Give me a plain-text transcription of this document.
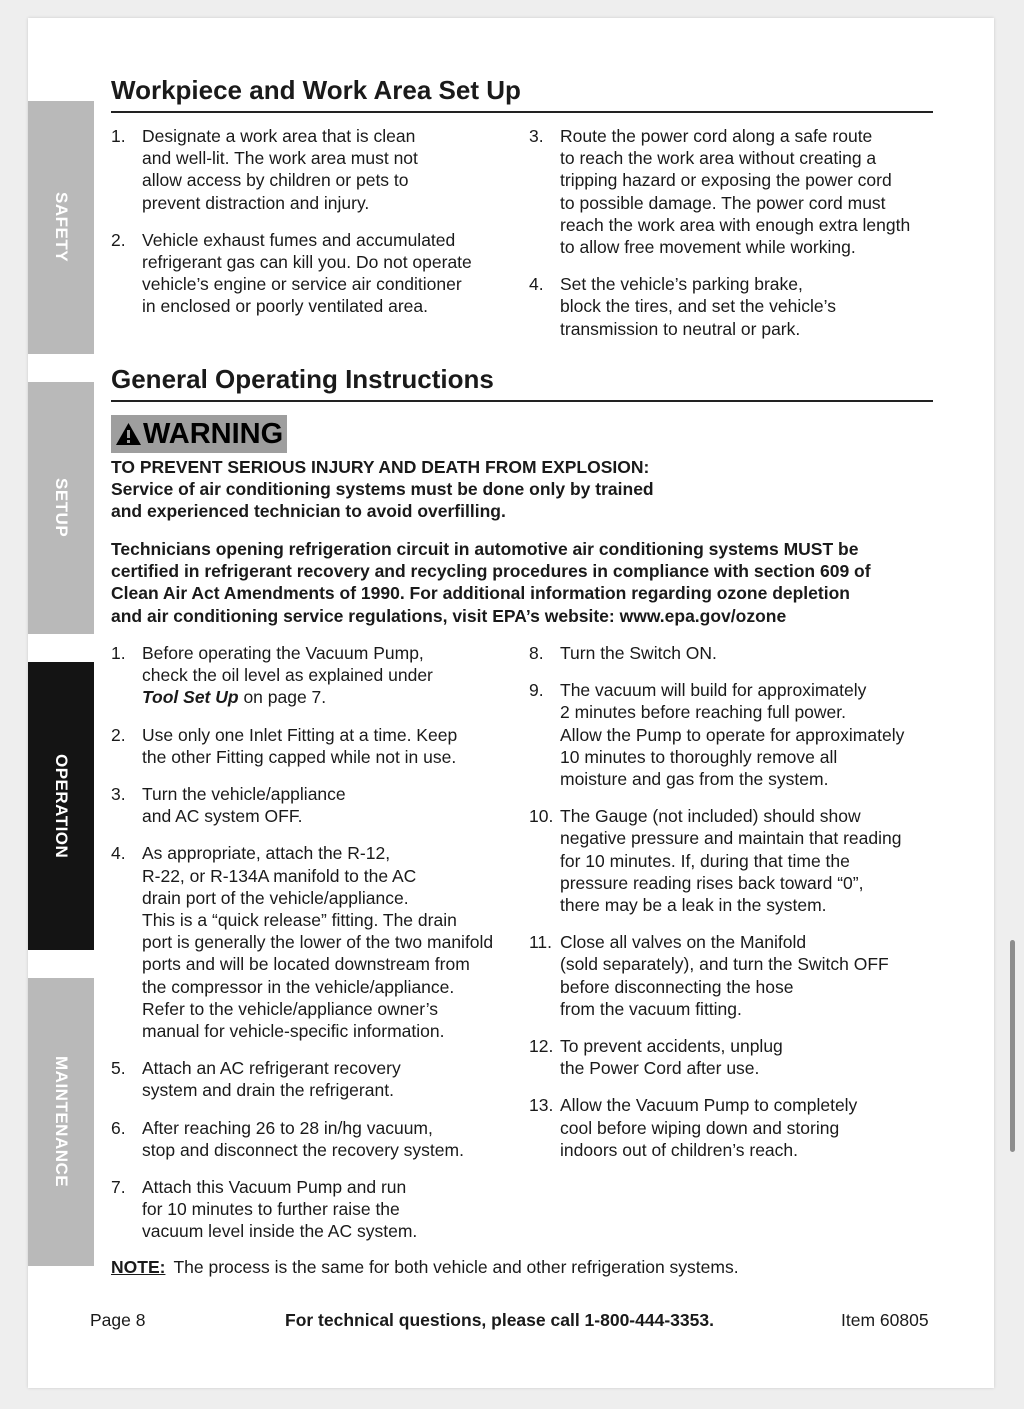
SAFETY
SETUP
OPERATION
MAINTENANCE
Workpiece and Work Area Set Up
1. Designate a work area that is clean
and well-lit. The work area must not
allow access by children or pets to
prevent distraction and injury.
2. Vehicle exhaust fumes and accumulated
refrigerant gas can kill you. Do not operate
vehicle’s engine or service air conditioner
in enclosed or poorly ventilated area.
3. Route the power cord along a safe route
to reach the work area without creating a
tripping hazard or exposing the power cord
to possible damage. The power cord must
reach the work area with enough extra length
to allow free movement while working.
4. Set the vehicle’s parking brake,
block the tires, and set the vehicle’s
transmission to neutral or park.
General Operating Instructions
WARNING
TO PREVENT SERIOUS INJURY AND DEATH FROM EXPLOSION:
Service of air conditioning systems must be done only by trained
and experienced technician to avoid overfilling.
Technicians opening refrigeration circuit in automotive air conditioning systems MUST be
certified in refrigerant recovery and recycling procedures in compliance with section 609 of
Clean Air Act Amendments of 1990. For additional information regarding ozone depletion
and air conditioning service regulations, visit EPA’s website: www.epa.gov/ozone
1. Before operating the Vacuum Pump,
check the oil level as explained under
Tool Set Up on page 7.
2. Use only one Inlet Fitting at a time. Keep
the other Fitting capped while not in use.
3. Turn the vehicle/appliance
and AC system OFF.
4. As appropriate, attach the R-12,
R-22, or R-134A manifold to the AC
drain port of the vehicle/appliance.
This is a “quick release” fitting. The drain
port is generally the lower of the two manifold
ports and will be located downstream from
the compressor in the vehicle/appliance.
Refer to the vehicle/appliance owner’s
manual for vehicle-specific information.
5. Attach an AC refrigerant recovery
system and drain the refrigerant.
6. After reaching 26 to 28 in/hg vacuum,
stop and disconnect the recovery system.
7. Attach this Vacuum Pump and run
for 10 minutes to further raise the
vacuum level inside the AC system.
8. Turn the Switch ON.
9. The vacuum will build for approximately
2 minutes before reaching full power.
Allow the Pump to operate for approximately
10 minutes to thoroughly remove all
moisture and gas from the system.
10. The Gauge (not included) should show
negative pressure and maintain that reading
for 10 minutes. If, during that time the
pressure reading rises back toward “0”,
there may be a leak in the system.
11. Close all valves on the Manifold
(sold separately), and turn the Switch OFF
before disconnecting the hose
from the vacuum fitting.
12. To prevent accidents, unplug
the Power Cord after use.
13. Allow the Vacuum Pump to completely
cool before wiping down and storing
indoors out of children’s reach.
NOTE: The process is the same for both vehicle and other refrigeration systems.
Page 8	For technical questions, please call 1-800-444-3353.	Item 60805
